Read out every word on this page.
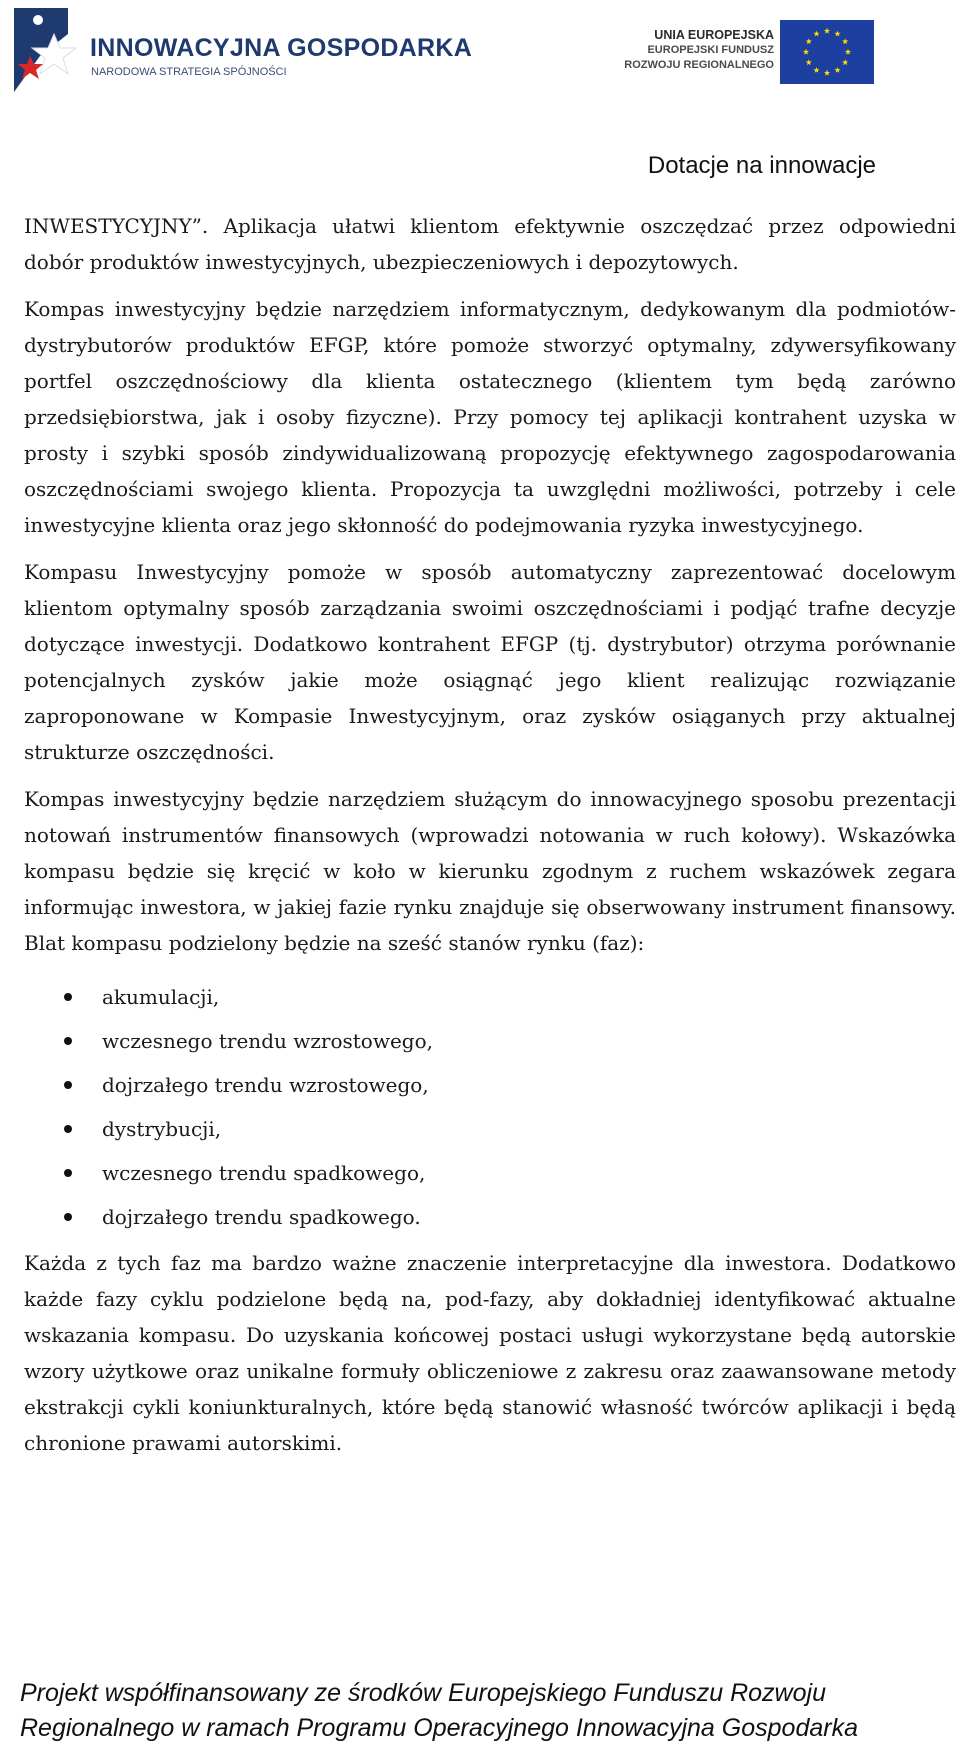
INNOWACYJNA GOSPODARKA
NARODOWA STRATEGIA SPÓJNOŚCI
UNIA EUROPEJSKA
EUROPEJSKI FUNDUSZ
ROZWOJU REGIONALNEGO
Dotacje na innowacje

INWESTYCYJNY”. Aplikacja ułatwi klientom efektywnie oszczędzać przez odpowiedni dobór produktów inwestycyjnych, ubezpieczeniowych i depozytowych.

Kompas inwestycyjny będzie narzędziem informatycznym, dedykowanym dla podmiotów-dystrybutorów produktów EFGP, które pomoże stworzyć optymalny, zdywersyfikowany portfel oszczędnościowy dla klienta ostatecznego (klientem tym będą zarówno przedsiębiorstwa, jak i osoby fizyczne). Przy pomocy tej aplikacji kontrahent uzyska w prosty i szybki sposób zindywidualizowaną propozycję efektywnego zagospodarowania oszczędnościami swojego klienta. Propozycja ta uwzględni możliwości, potrzeby i cele inwestycyjne klienta oraz jego skłonność do podejmowania ryzyka inwestycyjnego.

Kompasu Inwestycyjny pomoże w sposób automatyczny zaprezentować docelowym klientom optymalny sposób zarządzania swoimi oszczędnościami i podjąć trafne decyzje dotyczące inwestycji. Dodatkowo kontrahent EFGP (tj. dystrybutor) otrzyma porównanie potencjalnych zysków jakie może osiągnąć jego klient realizując rozwiązanie zaproponowane w Kompasie Inwestycyjnym, oraz zysków osiąganych przy aktualnej strukturze oszczędności.

Kompas inwestycyjny będzie narzędziem służącym do innowacyjnego sposobu prezentacji notowań instrumentów finansowych (wprowadzi notowania w ruch kołowy). Wskazówka kompasu będzie się kręcić w koło w kierunku zgodnym z ruchem wskazówek zegara informując inwestora, w jakiej fazie rynku znajduje się obserwowany instrument finansowy. Blat kompasu podzielony będzie na sześć stanów rynku (faz):

akumulacji,
wczesnego trendu wzrostowego,
dojrzałego trendu wzrostowego,
dystrybucji,
wczesnego trendu spadkowego,
dojrzałego trendu spadkowego.

Każda z tych faz ma bardzo ważne znaczenie interpretacyjne dla inwestora. Dodatkowo każde fazy cyklu podzielone będą na, pod-fazy, aby dokładniej identyfikować aktualne wskazania kompasu. Do uzyskania końcowej postaci usługi wykorzystane będą autorskie wzory użytkowe oraz unikalne formuły obliczeniowe z zakresu oraz zaawansowane metody ekstrakcji cykli koniunkturalnych, które będą stanowić własność twórców aplikacji i będą chronione prawami autorskimi.

Projekt współfinansowany ze środków Europejskiego Funduszu Rozwoju
Regionalnego w ramach Programu Operacyjnego Innowacyjna Gospodarka
